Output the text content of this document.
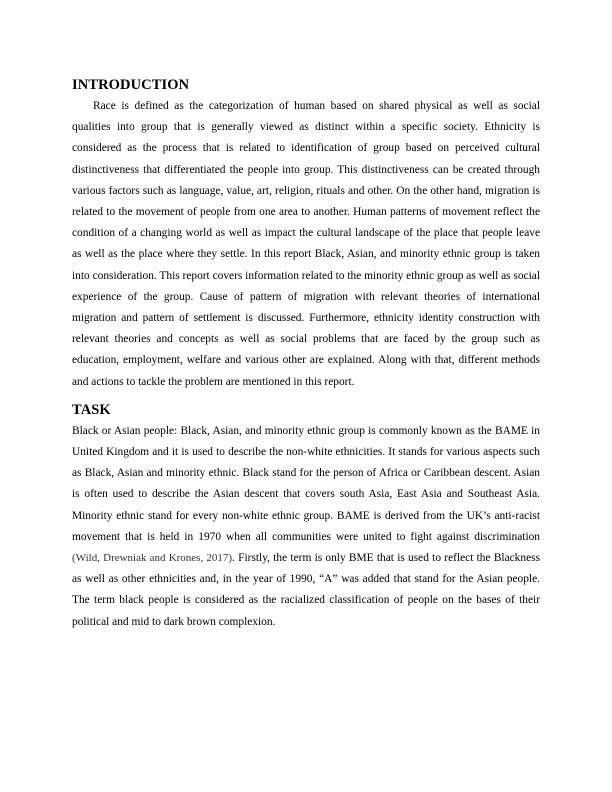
INTRODUCTION

Race is defined as the categorization of human based on shared physical as well as social qualities into group that is generally viewed as distinct within a specific society. Ethnicity is considered as the process that is related to identification of group based on perceived cultural distinctiveness that differentiated the people into group. This distinctiveness can be created through various factors such as language, value, art, religion, rituals and other. On the other hand, migration is related to the movement of people from one area to another. Human patterns of movement reflect the condition of a changing world as well as impact the cultural landscape of the place that people leave as well as the place where they settle. In this report Black, Asian, and minority ethnic group is taken into consideration. This report covers information related to the minority ethnic group as well as social experience of the group. Cause of pattern of migration with relevant theories of international migration and pattern of settlement is discussed. Furthermore, ethnicity identity construction with relevant theories and concepts as well as social problems that are faced by the group such as education, employment, welfare and various other are explained. Along with that, different methods and actions to tackle the problem are mentioned in this report.

TASK

Black or Asian people: Black, Asian, and minority ethnic group is commonly known as the BAME in United Kingdom and it is used to describe the non-white ethnicities. It stands for various aspects such as Black, Asian and minority ethnic. Black stand for the person of Africa or Caribbean descent. Asian is often used to describe the Asian descent that covers south Asia, East Asia and Southeast Asia. Minority ethnic stand for every non-white ethnic group. BAME is derived from the UK’s anti-racist movement that is held in 1970 when all communities were united to fight against discrimination (Wild, Drewniak and Krones, 2017). Firstly, the term is only BME that is used to reflect the Blackness as well as other ethnicities and, in the year of 1990, “A” was added that stand for the Asian people. The term black people is considered as the racialized classification of people on the bases of their political and mid to dark brown complexion.
